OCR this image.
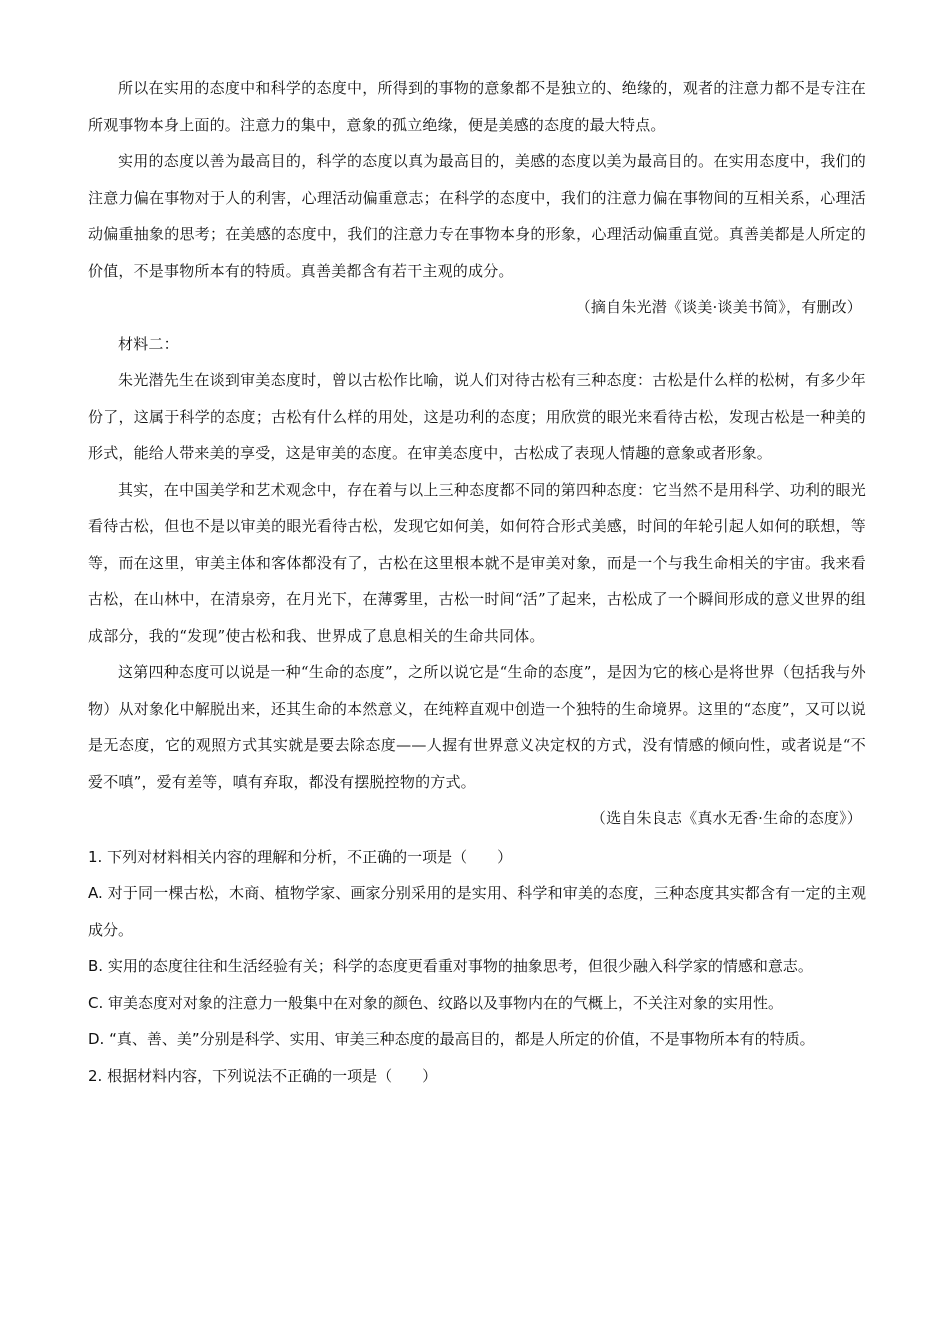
所以在实用的态度中和科学的态度中，所得到的事物的意象都不是独立的、绝缘的，观者的注意力都不是专注在所观事物本身上面的。注意力的集中，意象的孤立绝缘，便是美感的态度的最大特点。

实用的态度以善为最高目的，科学的态度以真为最高目的，美感的态度以美为最高目的。在实用态度中，我们的注意力偏在事物对于人的利害，心理活动偏重意志；在科学的态度中，我们的注意力偏在事物间的互相关系，心理活动偏重抽象的思考；在美感的态度中，我们的注意力专在事物本身的形象，心理活动偏重直觉。真善美都是人所定的价值，不是事物所本有的特质。真善美都含有若干主观的成分。

（摘自朱光潜《谈美·谈美书简》，有删改）

材料二：

朱光潜先生在谈到审美态度时，曾以古松作比喻，说人们对待古松有三种态度：古松是什么样的松树，有多少年份了，这属于科学的态度；古松有什么样的用处，这是功利的态度；用欣赏的眼光来看待古松，发现古松是一种美的形式，能给人带来美的享受，这是审美的态度。在审美态度中，古松成了表现人情趣的意象或者形象。

其实，在中国美学和艺术观念中，存在着与以上三种态度都不同的第四种态度：它当然不是用科学、功利的眼光看待古松，但也不是以审美的眼光看待古松，发现它如何美，如何符合形式美感，时间的年轮引起人如何的联想，等等，而在这里，审美主体和客体都没有了，古松在这里根本就不是审美对象，而是一个与我生命相关的宇宙。我来看古松，在山林中，在清泉旁，在月光下，在薄雾里，古松一时间“活”了起来，古松成了一个瞬间形成的意义世界的组成部分，我的“发现”使古松和我、世界成了息息相关的生命共同体。

这第四种态度可以说是一种“生命的态度”，之所以说它是“生命的态度”，是因为它的核心是将世界（包括我与外物）从对象化中解脱出来，还其生命的本然意义，在纯粹直观中创造一个独特的生命境界。这里的“态度”，又可以说是无态度，它的观照方式其实就是要去除态度——人握有世界意义决定权的方式，没有情感的倾向性，或者说是“不爱不嗔”，爱有差等，嗔有弃取，都没有摆脱控物的方式。

（选自朱良志《真水无香·生命的态度》）

1. 下列对材料相关内容的理解和分析，不正确的一项是（　　）

A. 对于同一棵古松，木商、植物学家、画家分别采用的是实用、科学和审美的态度，三种态度其实都含有一定的主观成分。

B. 实用的态度往往和生活经验有关；科学的态度更看重对事物的抽象思考，但很少融入科学家的情感和意志。

C. 审美态度对对象的注意力一般集中在对象的颜色、纹路以及事物内在的气概上，不关注对象的实用性。

D. “真、善、美”分别是科学、实用、审美三种态度的最高目的，都是人所定的价值，不是事物所本有的特质。

2. 根据材料内容，下列说法不正确的一项是（　　）
